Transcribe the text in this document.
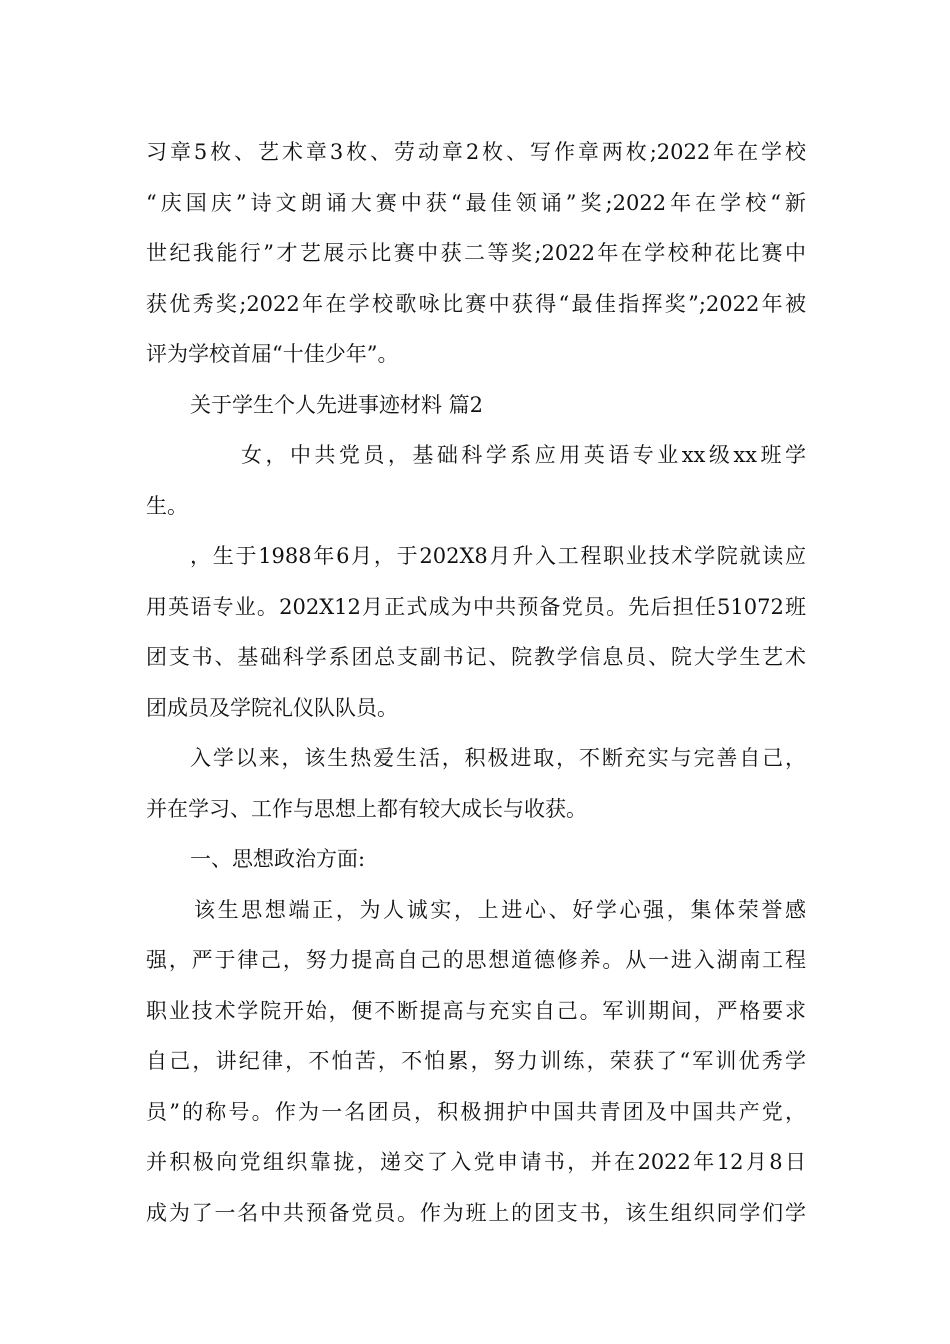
习章5枚、艺术章3枚、劳动章2枚、写作章两枚;2022年在学校
“庆国庆”诗文朗诵大赛中获“最佳领诵”奖;2022年在学校“新
世纪我能行”才艺展示比赛中获二等奖;2022年在学校种花比赛中
获优秀奖;2022年在学校歌咏比赛中获得“最佳指挥奖”;2022年被
评为学校首届“十佳少年”。
关于学生个人先进事迹材料 篇2
女，中共党员，基础科学系应用英语专业xx级xx班学
生。
，生于1988年6月，于202X8月升入工程职业技术学院就读应
用英语专业。202X12月正式成为中共预备党员。先后担任51072班
团支书、基础科学系团总支副书记、院教学信息员、院大学生艺术
团成员及学院礼仪队队员。
入学以来，该生热爱生活，积极进取，不断充实与完善自己，
并在学习、工作与思想上都有较大成长与收获。
一、思想政治方面:
该生思想端正，为人诚实，上进心、好学心强，集体荣誉感
强，严于律己，努力提高自己的思想道德修养。从一进入湖南工程
职业技术学院开始，便不断提高与充实自己。军训期间，严格要求
自己，讲纪律，不怕苦，不怕累，努力训练，荣获了“军训优秀学
员”的称号。作为一名团员，积极拥护中国共青团及中国共产党，
并积极向党组织靠拢，递交了入党申请书，并在2022年12月8日
成为了一名中共预备党员。作为班上的团支书，该生组织同学们学
